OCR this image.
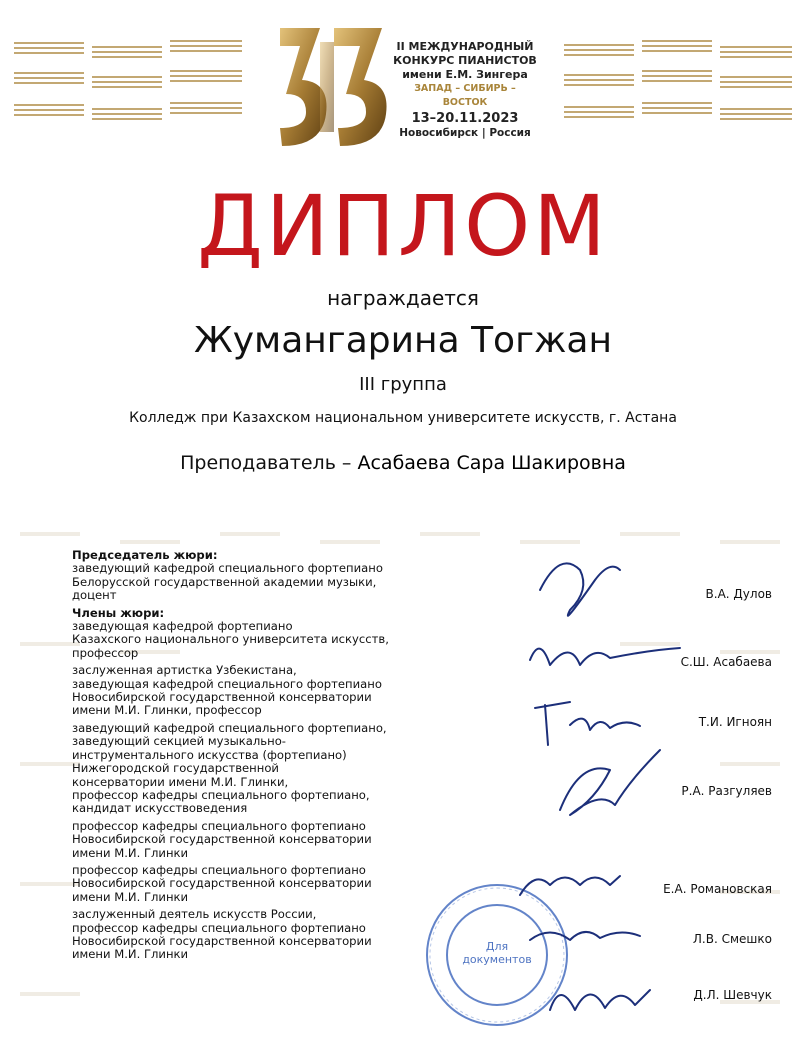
II МЕЖДУНАРОДНЫЙ
КОНКУРС ПИАНИСТОВ
имени Е.М. Зингера
ЗАПАД – СИБИРЬ – ВОСТОК
13–20.11.2023
Новосибирск | Россия
ДИПЛОМ
награждается
Жумангарина Тогжан
III группа
Колледж при Казахском национальном университете искусств, г. Астана
Преподаватель – Асабаева Сара Шакировна
Председатель жюри:
заведующий кафедрой специального фортепиано
Белорусской государственной академии музыки,
доцент
Члены жюри:
заведующая кафедрой фортепиано
Казахского национального университета искусств,
профессор
заслуженная артистка Узбекистана,
заведующая кафедрой специального фортепиано
Новосибирской государственной консерватории
имени М.И. Глинки, профессор
заведующий кафедрой специального фортепиано,
заведующий секцией музыкально-
инструментального искусства (фортепиано)
Нижегородской государственной
консерватории имени М.И. Глинки,
профессор кафедры специального фортепиано,
кандидат искусствоведения
профессор кафедры специального фортепиано
Новосибирской государственной консерватории
имени М.И. Глинки
профессор кафедры специального фортепиано
Новосибирской государственной консерватории
имени М.И. Глинки
заслуженный деятель искусств России,
профессор кафедры специального фортепиано
Новосибирской государственной консерватории
имени М.И. Глинки
Для документов
В.А. Дулов
С.Ш. Асабаева
Т.И. Игноян
Р.А. Разгуляев
Е.А. Романовская
Л.В. Смешко
Д.Л. Шевчук
